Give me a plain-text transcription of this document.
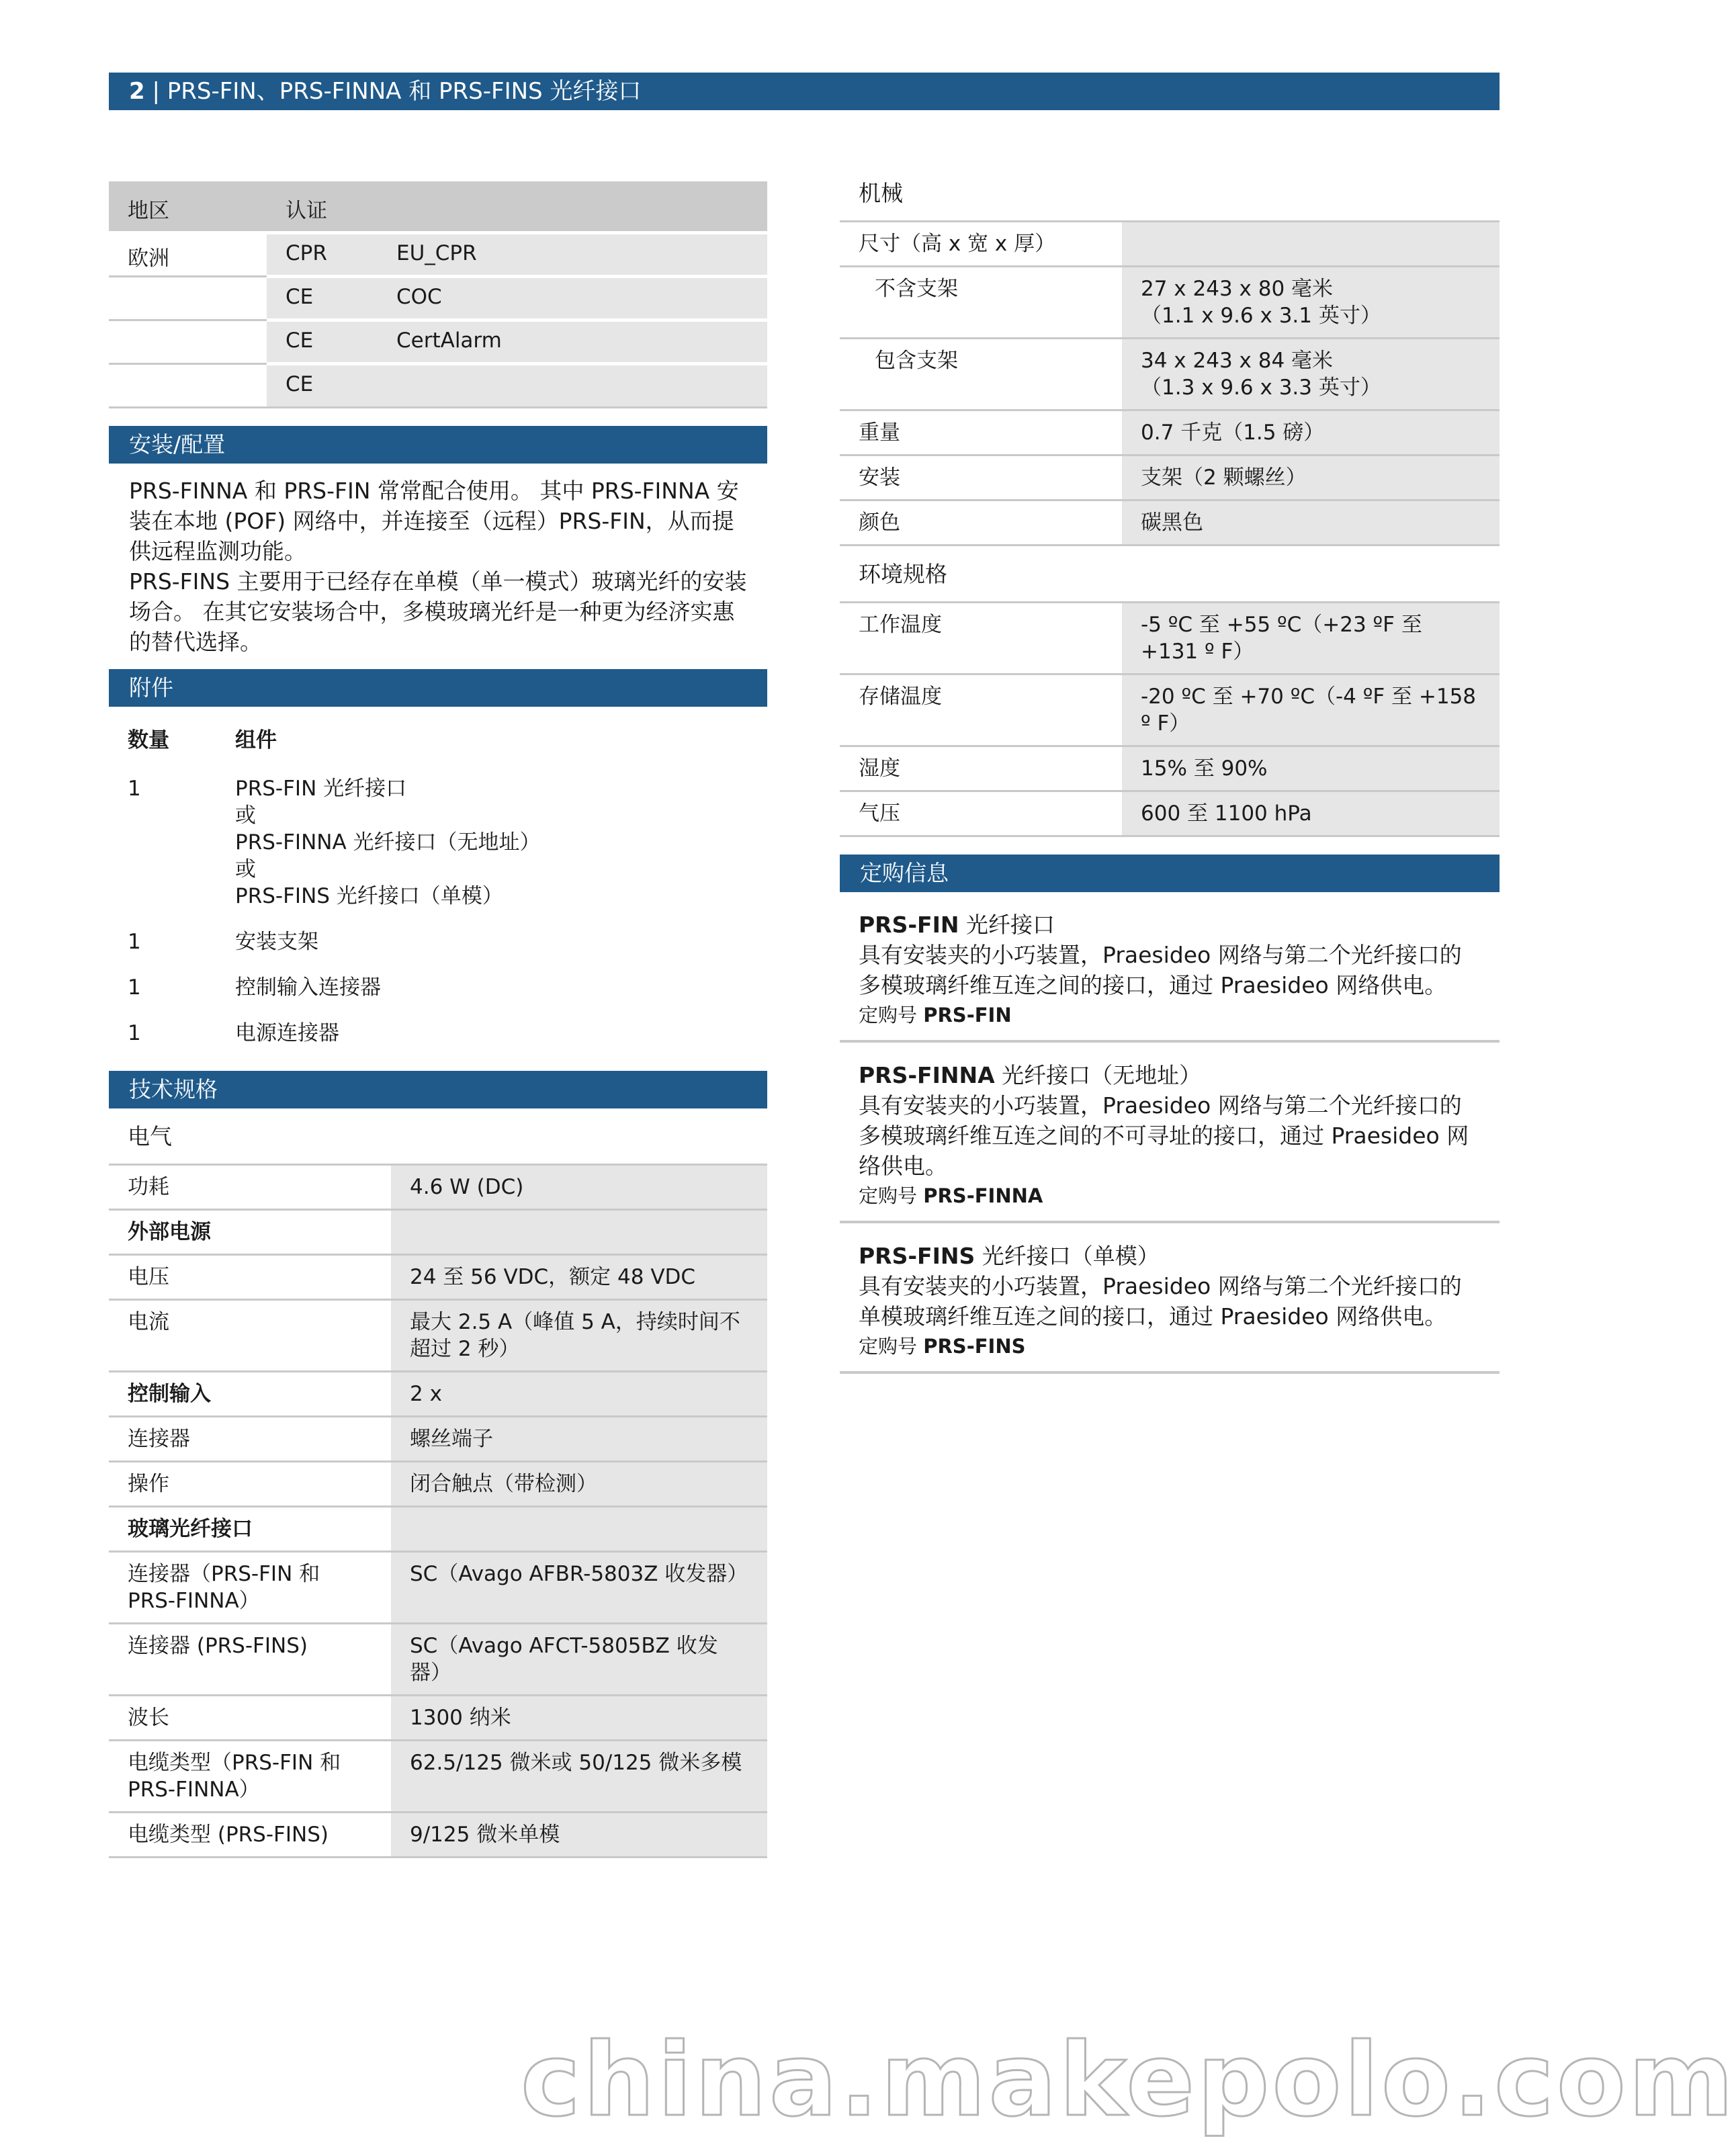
2 | PRS-FIN、PRS-FINNA 和 PRS-FINS 光纤接口
地区	认证	
欧洲	CPR	EU_CPR
	CE	COC
	CE	CertAlarm
	CE	
安装/配置
PRS-FINNA 和 PRS-FIN 常常配合使用。 其中 PRS-FINNA 安装在本地 (POF) 网络中，并连接至（远程）PRS-FIN，从而提供远程监测功能。
PRS-FINS 主要用于已经存在单模（单一模式）玻璃光纤的安装场合。 在其它安装场合中，多模玻璃光纤是一种更为经济实惠的替代选择。
附件
数量	组件
1	PRS-FIN 光纤接口
或
PRS-FINNA 光纤接口（无地址）
或
PRS-FINS 光纤接口（单模）

1	安装支架
1	控制输入连接器
1	电源连接器
技术规格
电气	
功耗	4.6 W (DC)
外部电源	
电压	24 至 56 VDC，额定 48 VDC
电流	最大 2.5 A（峰值 5 A，持续时间不超过 2 秒）
控制输入	2 x
连接器	螺丝端子
操作	闭合触点（带检测）
玻璃光纤接口	
连接器（PRS-FIN 和 PRS-FINNA）	SC（Avago AFBR-5803Z 收发器）
连接器 (PRS-FINS)	SC（Avago AFCT-5805BZ 收发器）
波长	1300 纳米
电缆类型（PRS-FIN 和 PRS-FINNA）	62.5/125 微米或 50/125 微米多模
电缆类型 (PRS-FINS)	9/125 微米单模
机械	
尺寸（高 x 宽 x 厚）	
不含支架	27 x 243 x 80 毫米
（1.1 x 9.6 x 3.1 英寸）

包含支架	34 x 243 x 84 毫米
（1.3 x 9.6 x 3.3 英寸）

重量	0.7 千克（1.5 磅）
安装	支架（2 颗螺丝）
颜色	碳黑色
环境规格	
工作温度	-5 ºC 至 +55 ºC（+23 ºF 至 +131 º F）
存储温度	-20 ºC 至 +70 ºC（-4 ºF 至 +158 º F）
湿度	15% 至 90%
气压	600 至 1100 hPa
定购信息
PRS-FIN 光纤接口
具有安装夹的小巧装置，Praesideo 网络与第二个光纤接口的多模玻璃纤维互连之间的接口，通过 Praesideo 网络供电。
定购号 PRS-FIN
PRS-FINNA 光纤接口（无地址）
具有安装夹的小巧装置，Praesideo 网络与第二个光纤接口的多模玻璃纤维互连之间的不可寻址的接口，通过 Praesideo 网络供电。
定购号 PRS-FINNA
PRS-FINS 光纤接口（单模）
具有安装夹的小巧装置，Praesideo 网络与第二个光纤接口的单模玻璃纤维互连之间的接口，通过 Praesideo 网络供电。
定购号 PRS-FINS
china.makepolo.com
